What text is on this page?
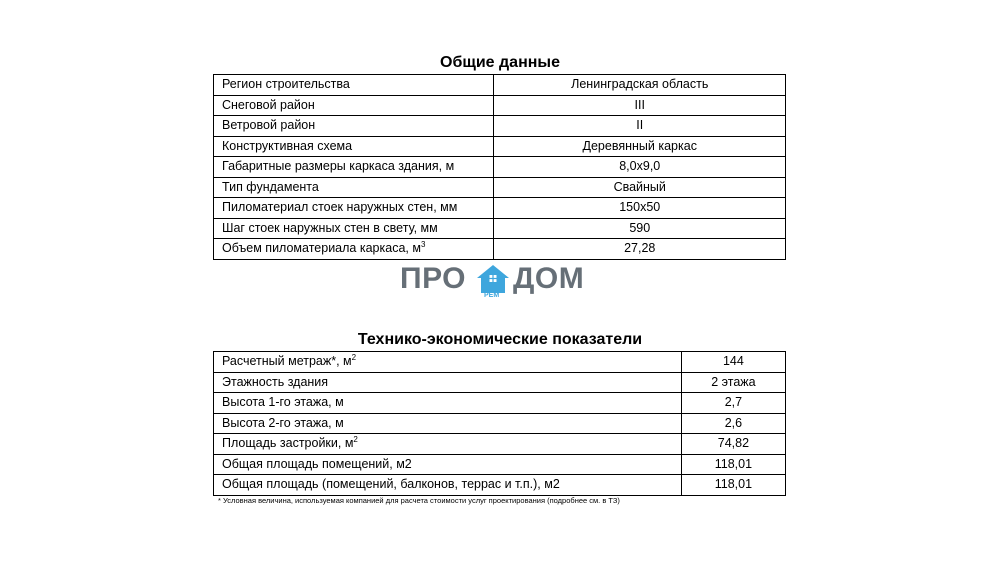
Общие данные
Регион строительства	Ленинградская область
Снеговой район	III
Ветровой район	II
Конструктивная схема	Деревянный каркас
Габаритные размеры каркаса здания, м	8,0х9,0
Тип фундамента	Свайный
Пиломатериал стоек наружных стен, мм	150х50
Шаг стоек наружных стен в свету, мм	590
Объем пиломатериала каркаса, $м^3$	27,28
ПРО
РЕМ
ДОМ
Технико-экономические показатели
Расчетный метраж*, $м^2$	144
Этажность здания	2 этажа
Высота 1-го этажа, м	2,7
Высота 2-го этажа, м	2,6
Площадь застройки, $м^2$	74,82
Общая площадь помещений, м2	118,01
Общая площадь (помещений, балконов, террас и т.п.), м2	118,01
* Условная величина, используемая компанией для расчета стоимости услуг проектирования (подробнее см. в ТЗ)
